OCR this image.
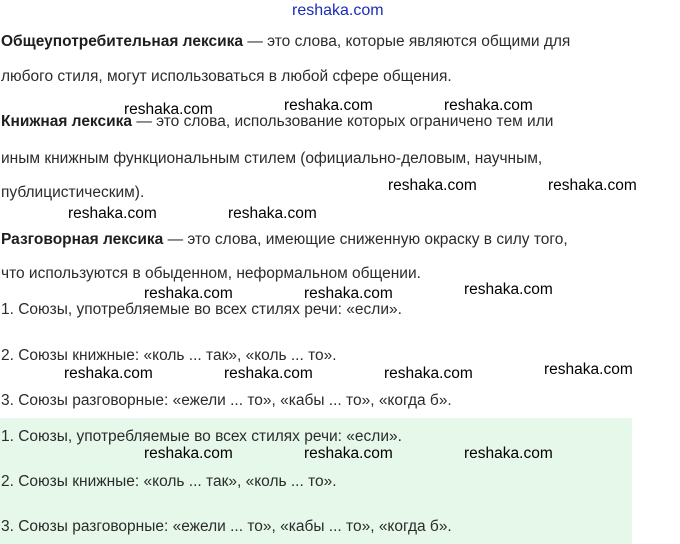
Общеупотребительная лексика — это слова, которые являются общими для
любого стиля, могут использоваться в любой сфере общения.
Книжная лексика — это слова, использование которых ограничено тем или
иным книжным функциональным стилем (официально-деловым, научным,
публицистическим).
Разговорная лексика — это слова, имеющие сниженную окраску в силу того,
что используются в обыденном, неформальном общении.
1. Союзы, употребляемые во всех стилях речи: «если».
2. Союзы книжные: «коль ... так», «коль ... то».
3. Союзы разговорные: «ежели ... то», «кабы ... то», «когда б».
1. Союзы, употребляемые во всех стилях речи: «если».
2. Союзы книжные: «коль ... так», «коль ... то».
3. Союзы разговорные: «ежели ... то», «кабы ... то», «когда б».
reshaka.com
reshaka.com	reshaka.com	reshaka.com
reshaka.com	reshaka.com
reshaka.com	reshaka.com
reshaka.com	reshaka.com	reshaka.com
reshaka.com	reshaka.com	reshaka.com	reshaka.com
reshaka.com	reshaka.com	reshaka.com
